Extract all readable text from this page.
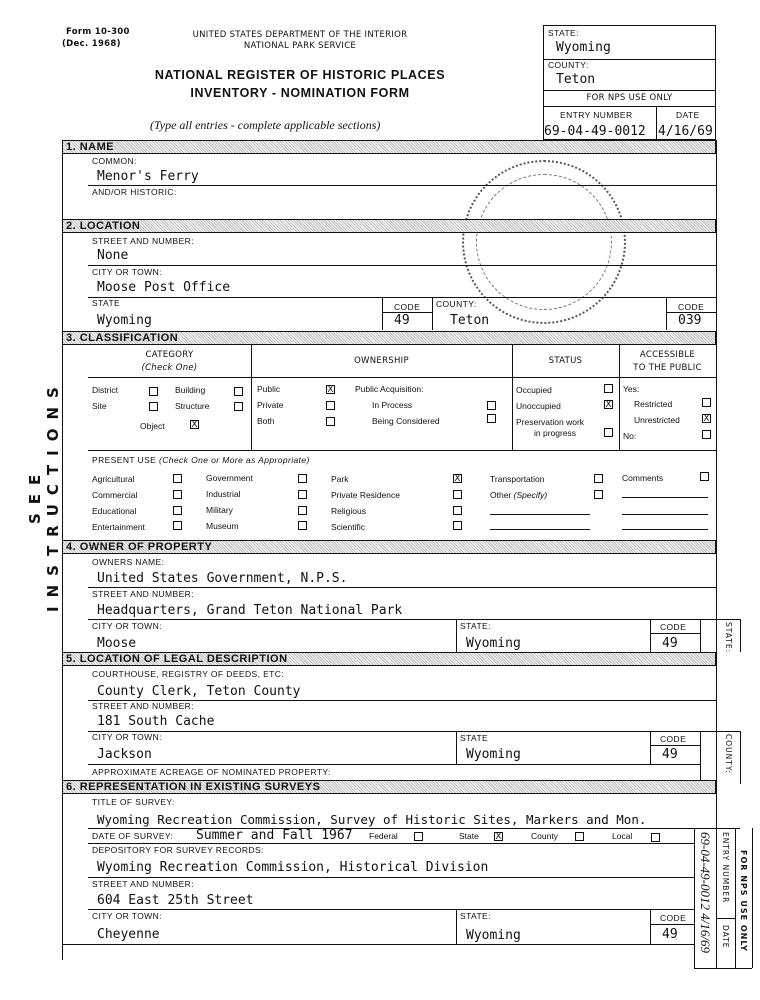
Form 10-300
(Dec. 1968)
UNITED STATES DEPARTMENT OF THE INTERIOR
NATIONAL PARK SERVICE
NATIONAL REGISTER OF HISTORIC PLACES
INVENTORY - NOMINATION FORM
(Type all entries - complete applicable sections)
STATE:
Wyoming
COUNTY:
Teton
FOR NPS USE ONLY
ENTRY NUMBER	DATE
69-04-49-0012 4/16/69
SEE INSTRUCTIONS
1. NAME
COMMON:
Menor's Ferry
AND/OR HISTORIC:
2. LOCATION
STREET AND NUMBER:
None
CITY OR TOWN:
Moose Post Office
STATE
Wyoming
CODE
49
COUNTY:
Teton
CODE
039
3. CLASSIFICATION
CATEGORY
(Check One)
OWNERSHIP	STATUS
ACCESSIBLE
TO THE PUBLIC
District	Building
Site	Structure
Object	X
Public	X
Private
Both
Public Acquisition:
In Process
Being Considered
Occupied
Unoccupied	X
Preservation work
in progress
Yes:
Restricted
Unrestricted	X
No:
PRESENT USE (Check One or More as Appropriate)
Agricultural
Commercial
Educational
Entertainment
Government
Industrial
Military
Museum
Park	X
Private Residence
Religious
Scientific
Transportation
Other (Specify)
Comments
4. OWNER OF PROPERTY
OWNERS NAME:
United States Government, N.P.S.
STREET AND NUMBER:
Headquarters, Grand Teton National Park
CITY OR TOWN:
Moose
STATE:
Wyoming
CODE
49	STATE:
5. LOCATION OF LEGAL DESCRIPTION
COURTHOUSE, REGISTRY OF DEEDS, ETC:
County Clerk, Teton County
STREET AND NUMBER:
181 South Cache
CITY OR TOWN:
Jackson
STATE
Wyoming
CODE
49	COUNTY:
APPROXIMATE ACREAGE OF NOMINATED PROPERTY:
6. REPRESENTATION IN EXISTING SURVEYS
TITLE OF SURVEY:
Wyoming Recreation Commission, Survey of Historic Sites, Markers and Mon.
DATE OF SURVEY: Summer and Fall 1967 Federal	State X	County	Local
DEPOSITORY FOR SURVEY RECORDS:
Wyoming Recreation Commission, Historical Division
STREET AND NUMBER:
604 East 25th Street
CITY OR TOWN:
Cheyenne
STATE:
Wyoming
CODE
49
ENTRY NUMBER
DATE FOR NPS USE ONLY
69-04-49-0012 4/16/69
